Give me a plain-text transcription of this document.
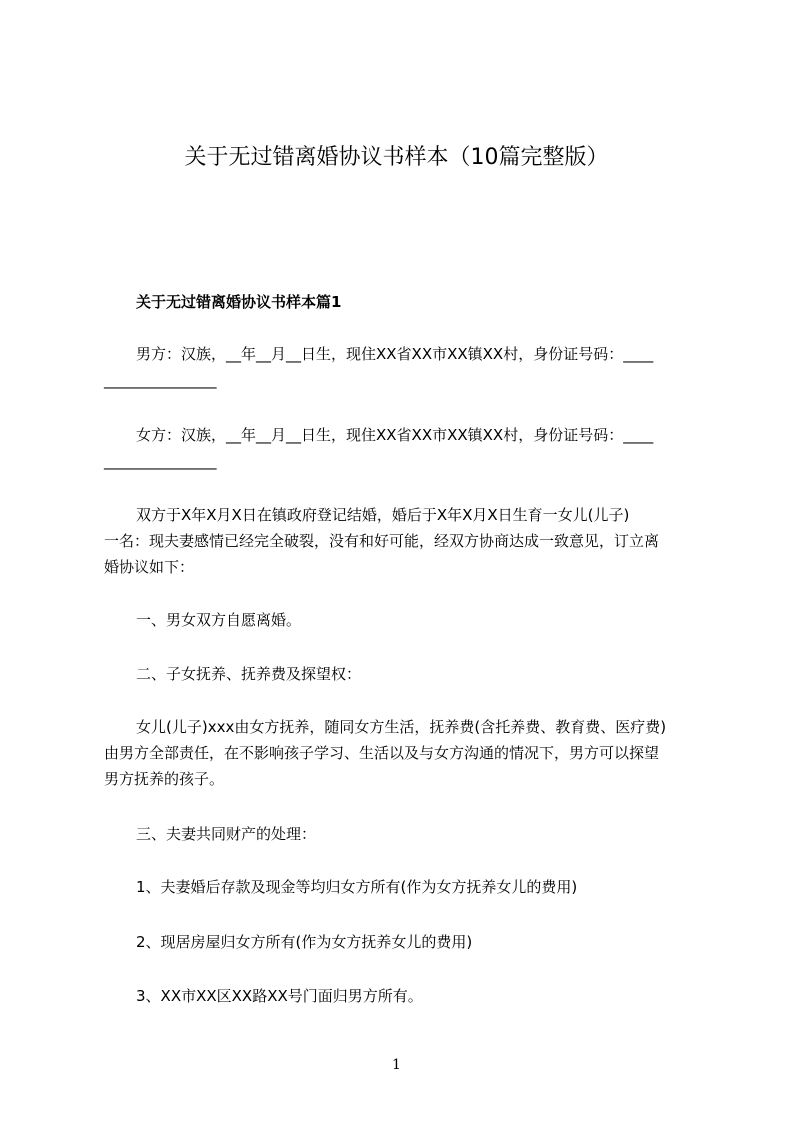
关于无过错离婚协议书样本（10篇完整版）
关于无过错离婚协议书样本篇1
男方：汉族，__年__月__日生，现住XX省XX市XX镇XX村，身份证号码：____
_______________
女方：汉族，__年__月__日生，现住XX省XX市XX镇XX村，身份证号码：____
_______________
双方于X年X月X日在镇政府登记结婚，婚后于X年X月X日生育一女儿(儿子)
一名：现夫妻感情已经完全破裂，没有和好可能，经双方协商达成一致意见，订立离
婚协议如下：
一、男女双方自愿离婚。
二、子女抚养、抚养费及探望权：
女儿(儿子)xxx由女方抚养，随同女方生活，抚养费(含托养费、教育费、医疗费)
由男方全部责任，在不影响孩子学习、生活以及与女方沟通的情况下，男方可以探望
男方抚养的孩子。
三、夫妻共同财产的处理：
1、夫妻婚后存款及现金等均归女方所有(作为女方抚养女儿的费用)
2、现居房屋归女方所有(作为女方抚养女儿的费用)
3、XX市XX区XX路XX号门面归男方所有。
1
